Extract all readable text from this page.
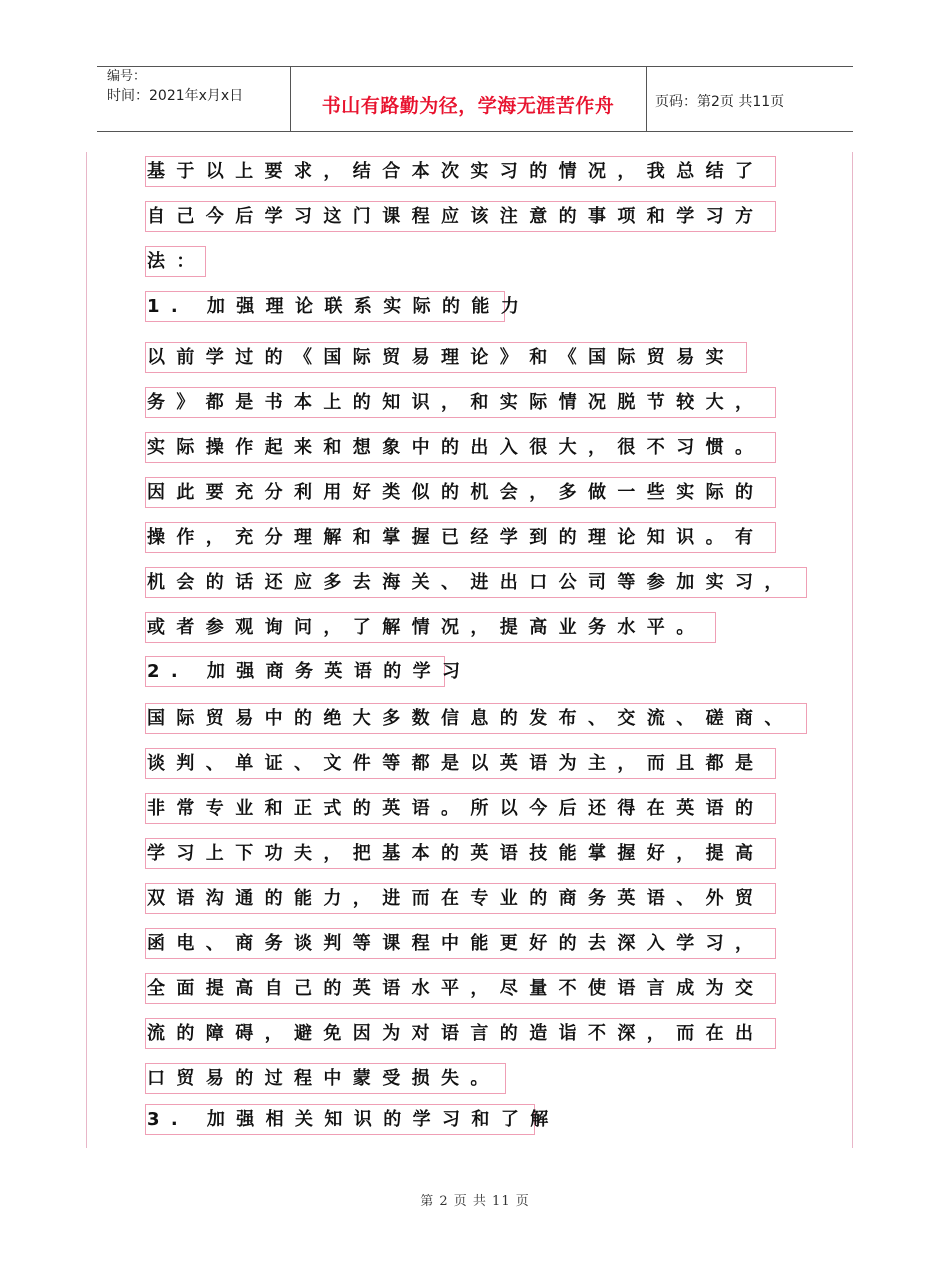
编号：
时间：2021年x月x日	书山有路勤为径，学海无涯苦作舟	页码：第2页 共11页
基于以上要求，结合本次实习的情况，我总结了
自己今后学习这门课程应该注意的事项和学习方
法：
1. 加强理论联系实际的能力
以前学过的《国际贸易理论》和《国际贸易实
务》都是书本上的知识，和实际情况脱节较大，
实际操作起来和想象中的出入很大，很不习惯。
因此要充分利用好类似的机会，多做一些实际的
操作，充分理解和掌握已经学到的理论知识。有
机会的话还应多去海关、进出口公司等参加实习，
或者参观询问，了解情况，提高业务水平。
2. 加强商务英语的学习
国际贸易中的绝大多数信息的发布、交流、磋商、
谈判、单证、文件等都是以英语为主，而且都是
非常专业和正式的英语。所以今后还得在英语的
学习上下功夫，把基本的英语技能掌握好，提高
双语沟通的能力，进而在专业的商务英语、外贸
函电、商务谈判等课程中能更好的去深入学习，
全面提高自己的英语水平，尽量不使语言成为交
流的障碍，避免因为对语言的造诣不深，而在出
口贸易的过程中蒙受损失。
3. 加强相关知识的学习和了解
第 2 页 共 11 页
